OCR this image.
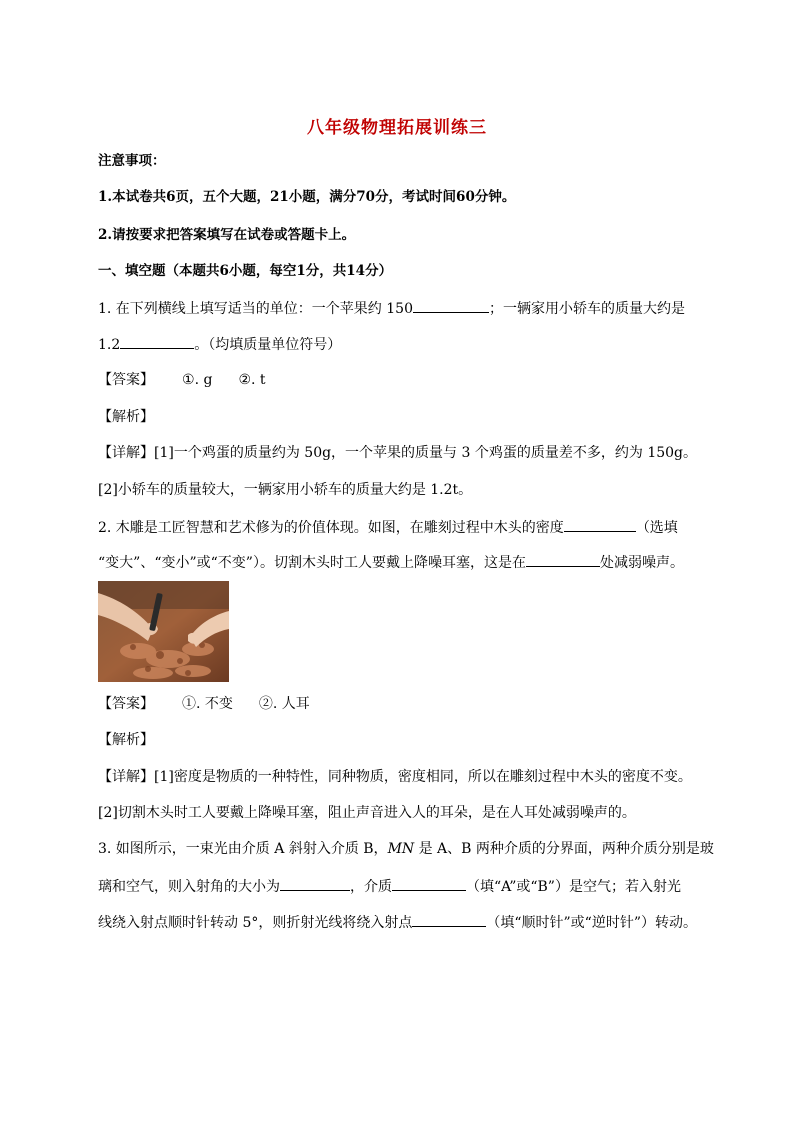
八年级物理拓展训练三
注意事项：
1.本试卷共6页，五个大题，21小题，满分70分，考试时间60分钟。
2.请按要求把答案填写在试卷或答题卡上。
一、填空题（本题共6小题，每空1分，共14分）
1. 在下列横线上填写适当的单位：一个苹果约 150	；一辆家用小轿车的质量大约是
1.2	。（均填质量单位符号）
【答案】 ①. g ②. t
【解析】
【详解】[1]一个鸡蛋的质量约为 50g，一个苹果的质量与 3 个鸡蛋的质量差不多，约为 150g。
[2]小轿车的质量较大，一辆家用小轿车的质量大约是 1.2t。
2. 木雕是工匠智慧和艺术修为的价值体现。如图，在雕刻过程中木头的密度	（选填
“变大”、“变小”或“不变”）。切割木头时工人要戴上降噪耳塞，这是在	处减弱噪声。
【答案】 ①. 不变 ②. 人耳
【解析】
【详解】[1]密度是物质的一种特性，同种物质，密度相同，所以在雕刻过程中木头的密度不变。
[2]切割木头时工人要戴上降噪耳塞，阻止声音进入人的耳朵，是在人耳处减弱噪声的。
3. 如图所示，一束光由介质 A 斜射入介质 B，MN 是 A、B 两种介质的分界面，两种介质分别是玻
璃和空气，则入射角的大小为	，介质	（填“A”或“B”）是空气；若入射光
线绕入射点顺时针转动 5°，则折射光线将绕入射点	（填“顺时针”或“逆时针”）转动。
